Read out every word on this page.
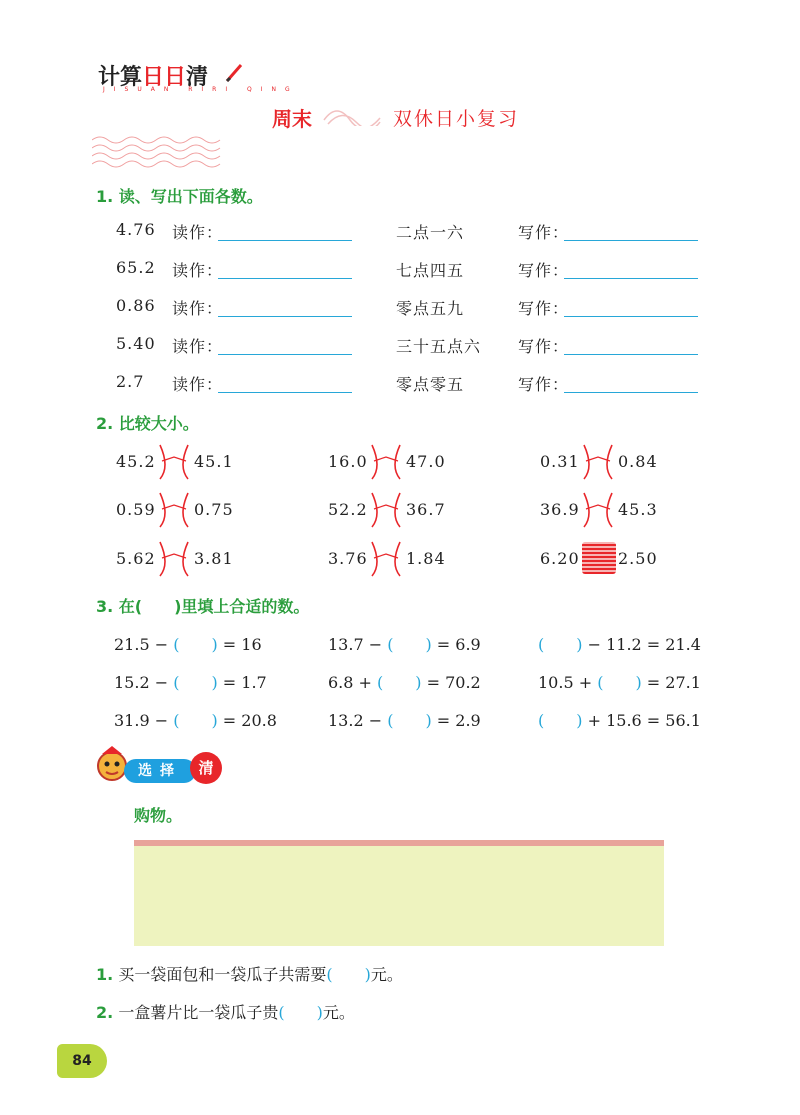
计算日日清
JISUAN RIRI QING
周末	双休日小复习
1. 读、写出下面各数。
4.76 读作：	二点一六	写作：
65.2 读作：	七点四五	写作：
0.86 读作：	零点五九	写作：
5.40 读作：	三十五点六 写作：
2.7 读作：	零点零五	写作：
2. 比较大小。
45.2 45.1	16.0 47.0	0.31 0.84
0.59 0.75	52.2 36.7	36.9 45.3
5.62 3.81	3.76 1.84	6.20 2.50
3. 在(　　)里填上合适的数。
21.5 − (　　) = 16	13.7 − (　　) = 6.9	(　　) − 11.2 = 21.4
15.2 − (　　) = 1.7	6.8 + (　　) = 70.2	10.5 + (　　) = 27.1
31.9 − (　　) = 20.8	13.2 − (　　) = 2.9	(　　) + 15.6 = 56.1
选择	清
购物。
1. 买一袋面包和一袋瓜子共需要(　　)元。
2. 一盒薯片比一袋瓜子贵(　　)元。
84
